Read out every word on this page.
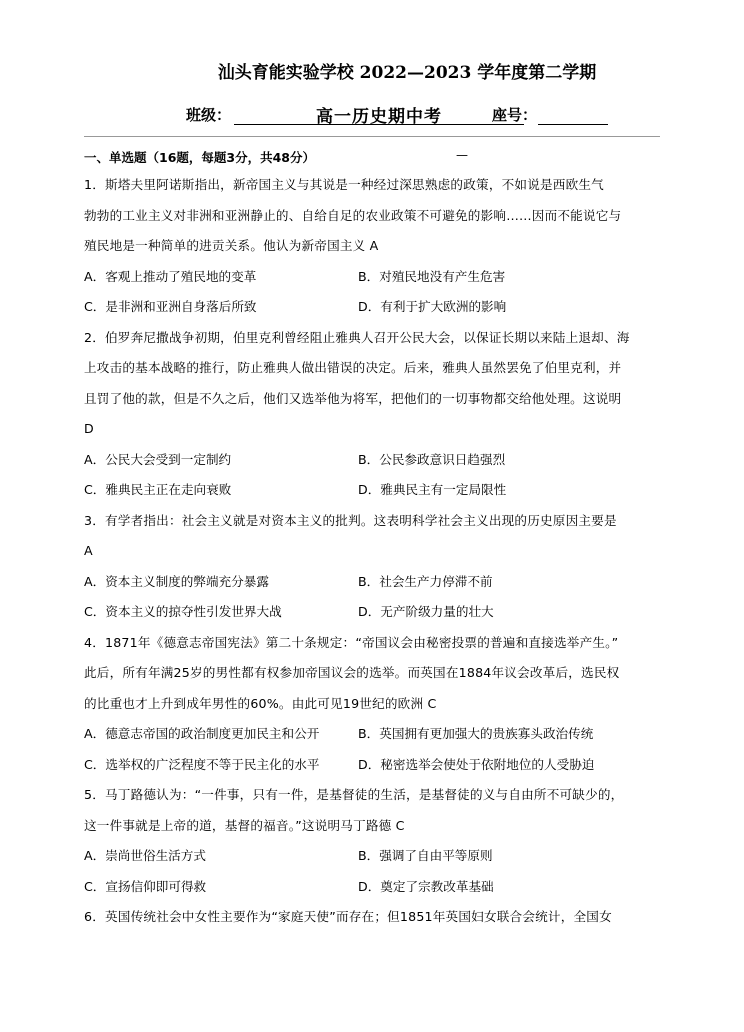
汕头育能实验学校 2022—2023 学年度第二学期
班级：	高一历史期中考	座号：
一、单选题（16题，每题3分，共48分）	—

1．斯塔夫里阿诺斯指出，新帝国主义与其说是一种经过深思熟虑的政策，不如说是西欧生气

勃勃的工业主义对非洲和亚洲静止的、自给自足的农业政策不可避免的影响……因而不能说它与

殖民地是一种简单的进贡关系。他认为新帝国主义 A

A．客观上推动了殖民地的变革	B．对殖民地没有产生危害
C．是非洲和亚洲自身落后所致	D．有利于扩大欧洲的影响

2．伯罗奔尼撒战争初期，伯里克利曾经阻止雅典人召开公民大会，以保证长期以来陆上退却、海

上攻击的基本战略的推行，防止雅典人做出错误的决定。后来，雅典人虽然罢免了伯里克利，并

且罚了他的款，但是不久之后，他们又选举他为将军，把他们的一切事物都交给他处理。这说明

D

A．公民大会受到一定制约	B．公民参政意识日趋强烈
C．雅典民主正在走向衰败	D．雅典民主有一定局限性

3．有学者指出：社会主义就是对资本主义的批判。这表明科学社会主义出现的历史原因主要是

A

A．资本主义制度的弊端充分暴露	B．社会生产力停滞不前
C．资本主义的掠夺性引发世界大战	D．无产阶级力量的壮大

4．1871年《德意志帝国宪法》第二十条规定：“帝国议会由秘密投票的普遍和直接选举产生。”

此后，所有年满25岁的男性都有权参加帝国议会的选举。而英国在1884年议会改革后，选民权

的比重也才上升到成年男性的60%。由此可见19世纪的欧洲 C

A．德意志帝国的政治制度更加民主和公开	B．英国拥有更加强大的贵族寡头政治传统
C．选举权的广泛程度不等于民主化的水平	D．秘密选举会使处于依附地位的人受胁迫

5．马丁路德认为：“一件事，只有一件，是基督徒的生活，是基督徒的义与自由所不可缺少的，

这一件事就是上帝的道，基督的福音。”这说明马丁路德 C

A．崇尚世俗生活方式	B．强调了自由平等原则
C．宣扬信仰即可得救	D．奠定了宗教改革基础

6．英国传统社会中女性主要作为“家庭天使”而存在；但1851年英国妇女联合会统计，全国女
